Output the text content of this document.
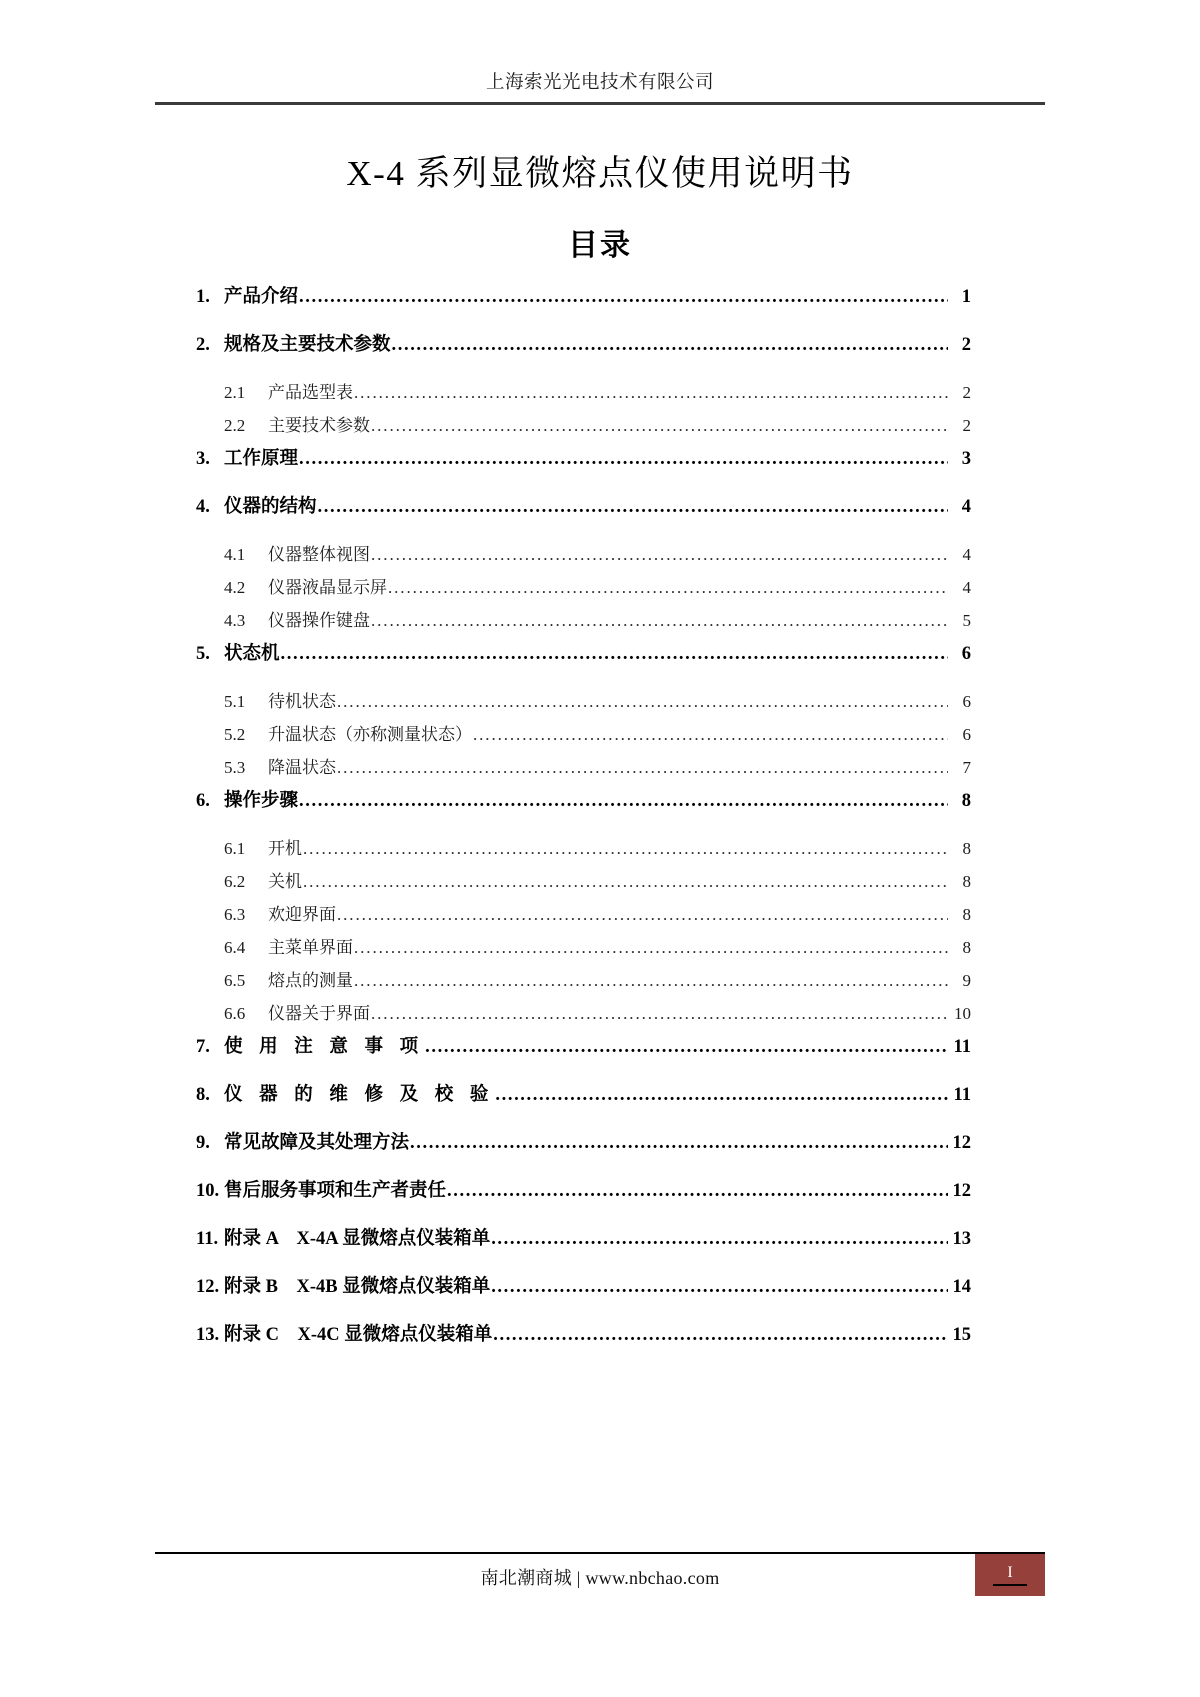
上海索光光电技术有限公司
X-4 系列显微熔点仪使用说明书
目录
1. 产品介绍 .....	1
2. 规格及主要技术参数 .....	2
2.1	产品选型表 .....	2
2.2	主要技术参数 .....	2
3. 工作原理 .....	3
4. 仪器的结构 .....	4
4.1	仪器整体视图 .....	4
4.2	仪器液晶显示屏 .....	4
4.3	仪器操作键盘 .....	5
5. 状态机 .....	6
5.1	待机状态 .....	6
5.2	升温状态（亦称测量状态） .....	6
5.3	降温状态 .....	7
6. 操作步骤 .....	8
6.1	开机 .....	8
6.2	关机 .....	8
6.3	欢迎界面 .....	8
6.4	主菜单界面 .....	8
6.5	熔点的测量 .....	9
6.6	仪器关于界面 .....	10
7. 使 用 注 意 事 项 .....	11
8. 仪 器 的 维 修 及 校 验 .....	11
9. 常见故障及其处理方法 .....	12
10. 售后服务事项和生产者责任 .....	12
11. 附录 A　X-4A 显微熔点仪装箱单 .....	13
12. 附录 B　X-4B 显微熔点仪装箱单 .....	14
13. 附录 C　X-4C 显微熔点仪装箱单 .....	15
南北潮商城 | www.nbchao.com	I
